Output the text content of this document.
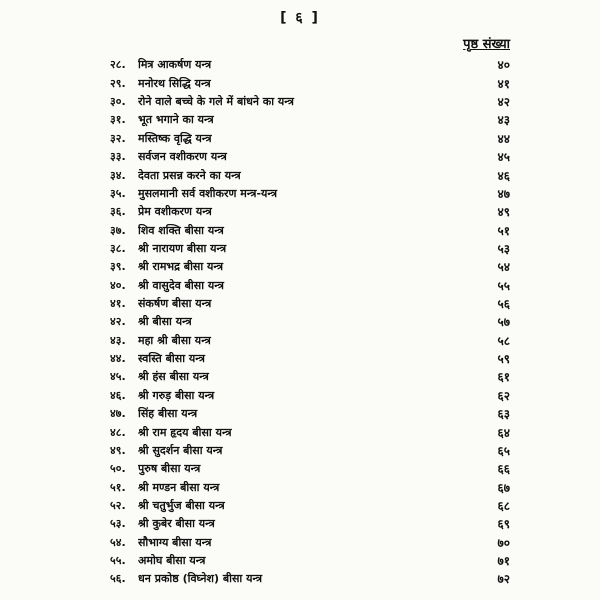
[ ६ ]
पृष्ठ संख्या
२८.	मित्र आकर्षण यन्त्र	४०
२९.	मनोरथ सिद्धि यन्त्र	४१
३०.	रोने वाले बच्चे के गले में बांधने का यन्त्र	४२
३१.	भूत भगाने का यन्त्र	४३
३२.	मस्तिष्क वृद्धि यन्त्र	४४
३३.	सर्वजन वशीकरण यन्त्र	४५
३४.	देवता प्रसन्न करने का यन्त्र	४६
३५.	मुसलमानी सर्व वशीकरण मन्त्र-यन्त्र	४७
३६.	प्रेम वशीकरण यन्त्र	४९
३७.	शिव शक्ति बीसा यन्त्र	५१
३८.	श्री नारायण बीसा यन्त्र	५३
३९.	श्री रामभद्र बीसा यन्त्र	५४
४०.	श्री वासुदेव बीसा यन्त्र	५५
४१.	संकर्षण बीसा यन्त्र	५६
४२.	श्री बीसा यन्त्र	५७
४३.	महा श्री बीसा यन्त्र	५८
४४.	स्वस्ति बीसा यन्त्र	५९
४५.	श्री हंस बीसा यन्त्र	६१
४६.	श्री गरुड़ बीसा यन्त्र	६२
४७.	सिंह बीसा यन्त्र	६३
४८.	श्री राम हृदय बीसा यन्त्र	६४
४९.	श्री सुदर्शन बीसा यन्त्र	६५
५०.	पुरुष बीसा यन्त्र	६६
५१.	श्री मण्डन बीसा यन्त्र	६७
५२.	श्री चतुर्भुज बीसा यन्त्र	६८
५३.	श्री कुबेर बीसा यन्त्र	६९
५४.	सौभाग्य बीसा यन्त्र	७०
५५.	अमोघ बीसा यन्त्र	७१
५६.	धन प्रकोष्ठ (विघ्नेश) बीसा यन्त्र	७२
